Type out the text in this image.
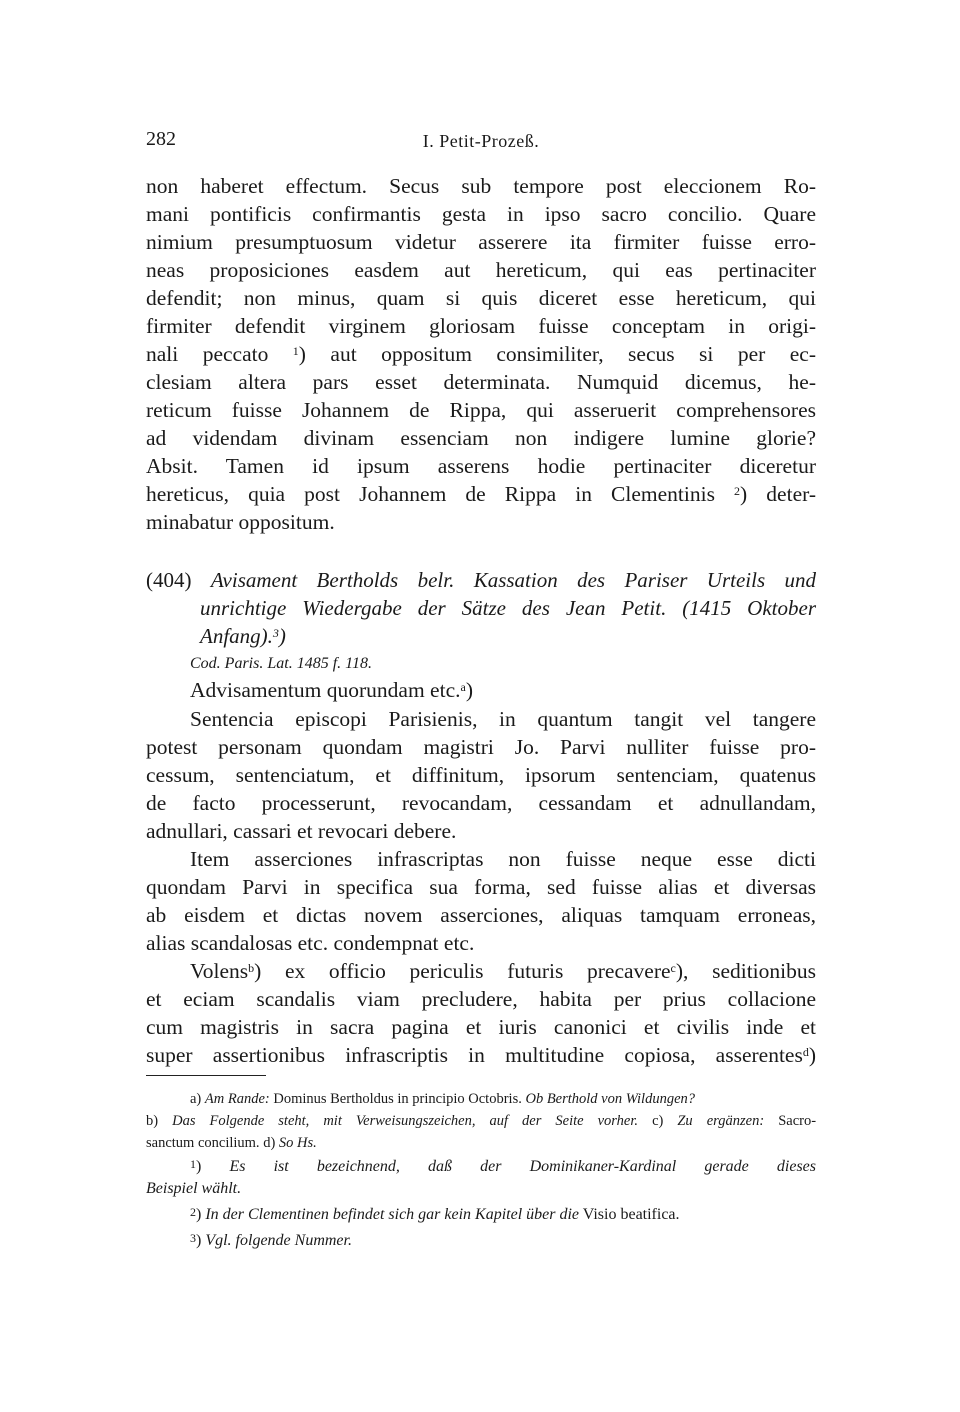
282	I. Petit-Prozeß.
non haberet effectum. Secus sub tempore post eleccionem Ro-
mani pontificis confirmantis gesta in ipso sacro concilio. Quare
nimium presumptuosum videtur asserere ita firmiter fuisse erro-
neas proposiciones easdem aut hereticum, qui eas pertinaciter
defendit; non minus, quam si quis diceret esse hereticum, qui
firmiter defendit virginem gloriosam fuisse conceptam in origi-
nali peccato $^1$) aut oppositum consimiliter, secus si per ec-
clesiam altera pars esset determinata. Numquid dicemus, he-
reticum fuisse Johannem de Rippa, qui asseruerit comprehensores
ad videndam divinam essenciam non indigere lumine glorie?
Absit. Tamen id ipsum asserens hodie pertinaciter diceretur
hereticus, quia post Johannem de Rippa in Clementinis $^2$) deter-
minabatur oppositum.
(404) Avisament Bertholds belr. Kassation des Pariser Urteils und
unrichtige Wiedergabe der Sätze des Jean Petit. (1415 Oktober
Anfang).$^3$)
Cod. Paris. Lat. 1485 f. 118.
Advisamentum quorundam etc.$^a$)
Sentencia episcopi Parisienis, in quantum tangit vel tangere
potest personam quondam magistri Jo. Parvi nulliter fuisse pro-
cessum, sentenciatum, et diffinitum, ipsorum sentenciam, quatenus
de facto processerunt, revocandam, cessandam et adnullandam,
adnullari, cassari et revocari debere.
Item asserciones infrascriptas non fuisse neque esse dicti
quondam Parvi in specifica sua forma, sed fuisse alias et diversas
ab eisdem et dictas novem asserciones, aliquas tamquam erroneas,
alias scandalosas etc. condempnat etc.
Volens$^b$) ex officio periculis futuris precavere$^c$), seditionibus
et eciam scandalis viam precludere, habita per prius collacione
cum magistris in sacra pagina et iuris canonici et civilis inde et
super assertionibus infrascriptis in multitudine copiosa, asserentes$^d$)
a) Am Rande: Dominus Bertholdus in principio Octobris. Ob Berthold von Wildungen?
b) Das Folgende steht, mit Verweisungszeichen, auf der Seite vorher. c) Zu ergänzen: Sacro-
sanctum concilium. d) So Hs.
$^1$) Es ist bezeichnend, daß der Dominikaner-Kardinal gerade dieses
Beispiel wählt.
$^2$) In der Clementinen befindet sich gar kein Kapitel über die Visio beatifica.
$^3$) Vgl. folgende Nummer.
